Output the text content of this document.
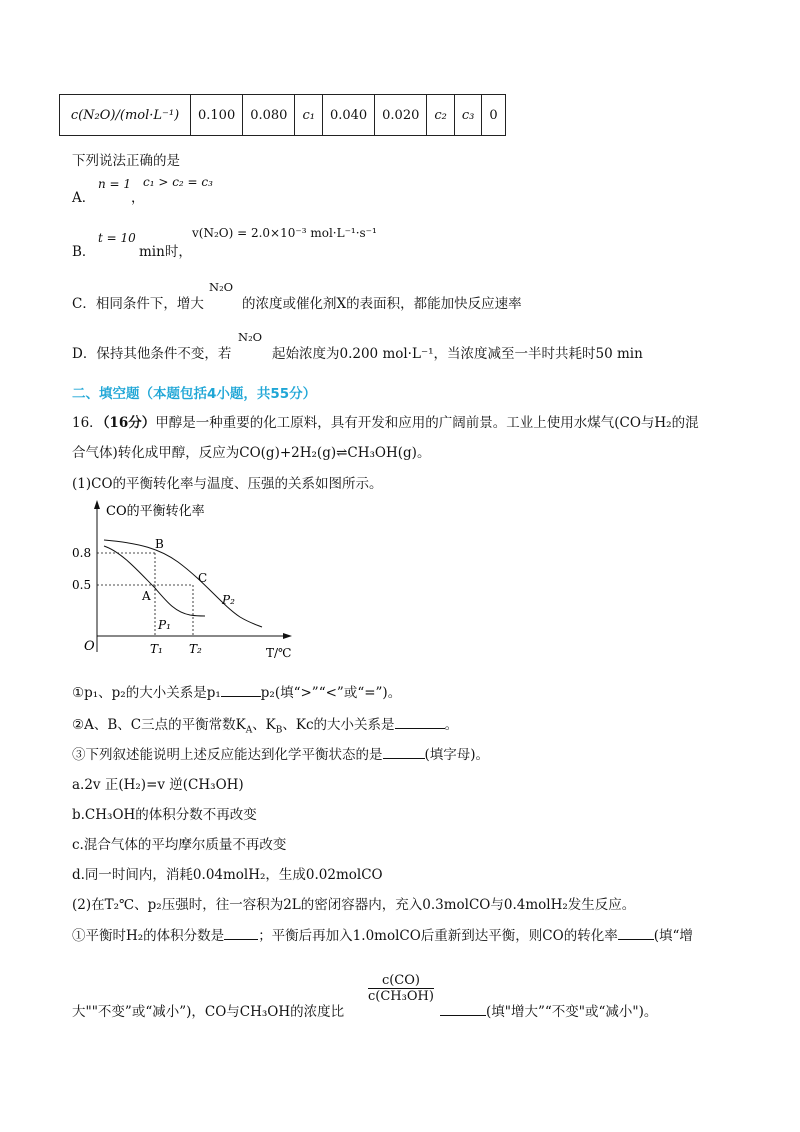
c(N₂O)/(mol·L⁻¹)	0.100	0.080	c₁	0.040	0.020	c₂	c₃	0
下列说法正确的是
A．
n = 1
，
c₁ > c₂ = c₃
B．
t = 10
min时，
v(N₂O) = 2.0×10⁻³ mol·L⁻¹·s⁻¹
C．相同条件下，增大
N₂O
的浓度或催化剂X的表面积，都能加快反应速率
D．保持其他条件不变，若
N₂O
起始浓度为0.200 mol·L⁻¹，当浓度减至一半时共耗时50 min
二、填空题（本题包括4小题，共55分）
16．（16分）甲醇是一种重要的化工原料，具有开发和应用的广阔前景。工业上使用水煤气(CO与H₂的混
合气体)转化成甲醇，反应为CO(g)+2H₂(g)⇌CH₃OH(g)。
(1)CO的平衡转化率与温度、压强的关系如图所示。
CO的平衡转化率
O	T/℃
0.8
0.5
T₁ T₂
B
A
C
P₁
P₂
①p₁、p₂的大小关系是p₁	p₂(填“>”“<”或“=”)。
②A、B、C三点的平衡常数$K_A$、$K_B$、Kc的大小关系是	。
③下列叙述能说明上述反应能达到化学平衡状态的是	(填字母)。
a.2v 正(H₂)=v 逆(CH₃OH)
b.CH₃OH的体积分数不再改变
c.混合气体的平均摩尔质量不再改变
d.同一时间内，消耗0.04molH₂，生成0.02molCO
(2)在T₂℃、p₂压强时，往一容积为2L的密闭容器内，充入0.3molCO与0.4molH₂发生反应。
①平衡时H₂的体积分数是	；平衡后再加入1.0molCO后重新到达平衡，则CO的转化率	(填“增
大""不变”或“减小”)，CO与CH₃OH的浓度比
$\frac{c(CO)}{\text{c(CH₃OH)}}$
(填"增大”“不变"或“减小")。
